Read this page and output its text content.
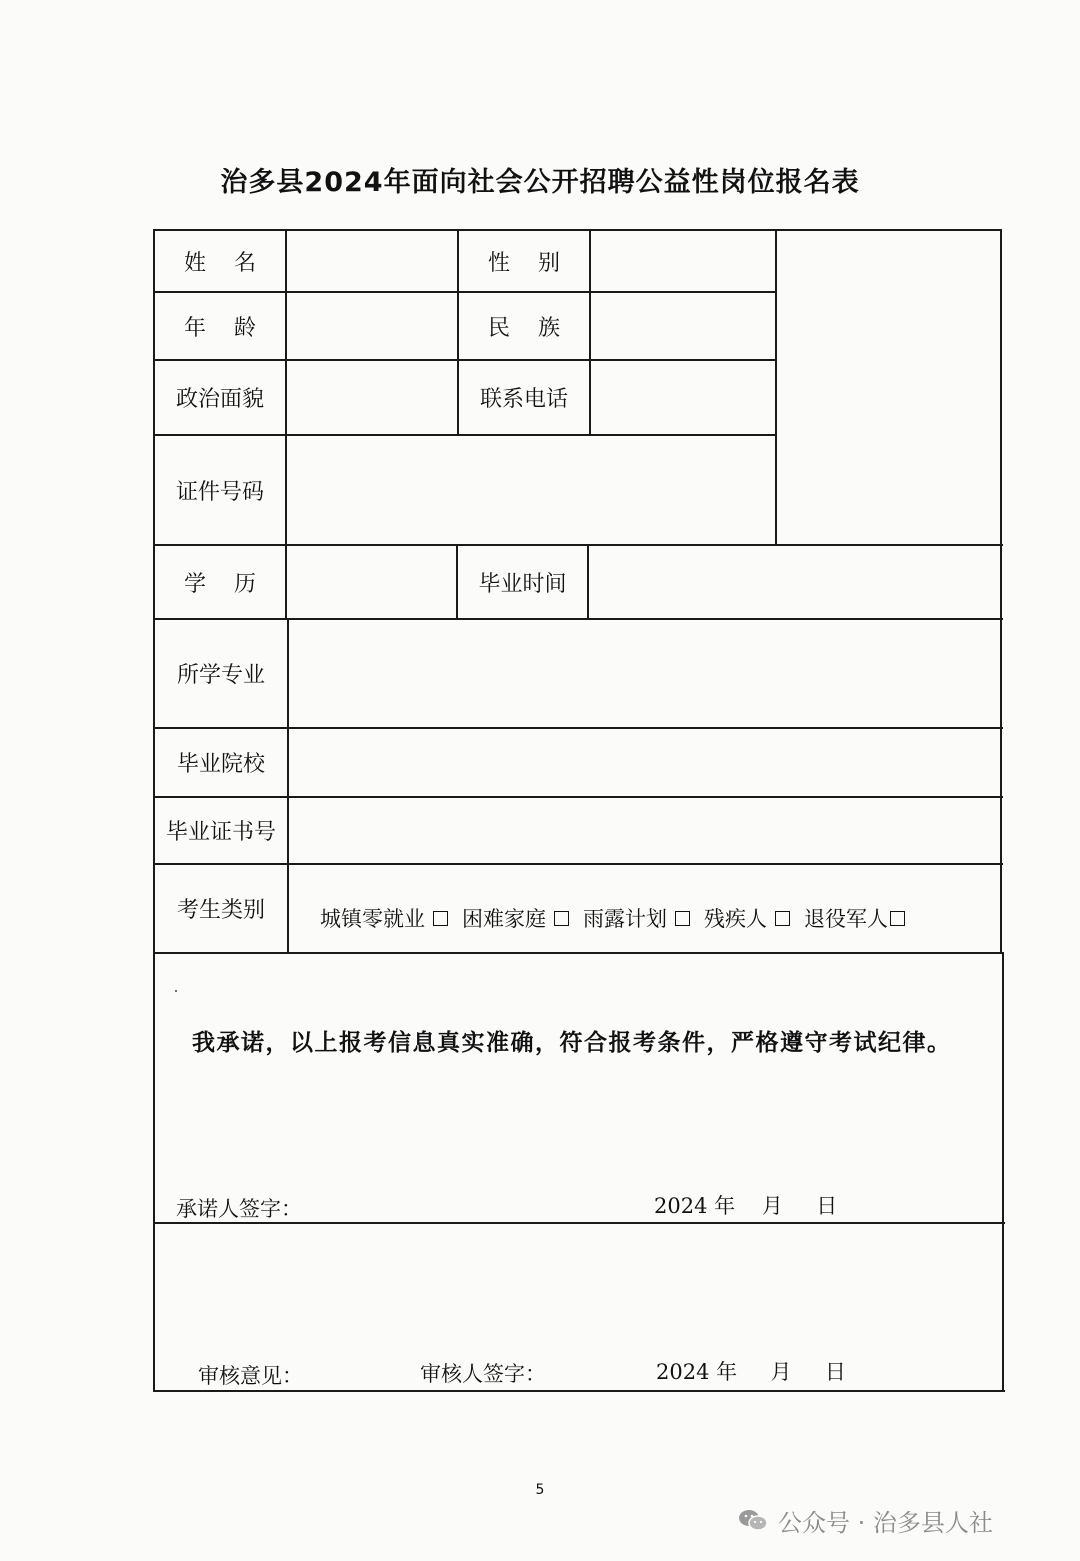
治多县2024年面向社会公开招聘公益性岗位报名表
姓名	性别
年龄	民族
政治面貌	联系电话
证件号码
学历	毕业时间
所学专业
毕业院校
毕业证书号
考生类别	城镇零就业 困难家庭 雨露计划 残疾人 退役军人
我承诺，以上报考信息真实准确，符合报考条件，严格遵守考试纪律。
承诺人签字：	2024 年    月     日
审核意见：	审核人签字：	2024 年     月     日
5
公众号 · 治多县人社
